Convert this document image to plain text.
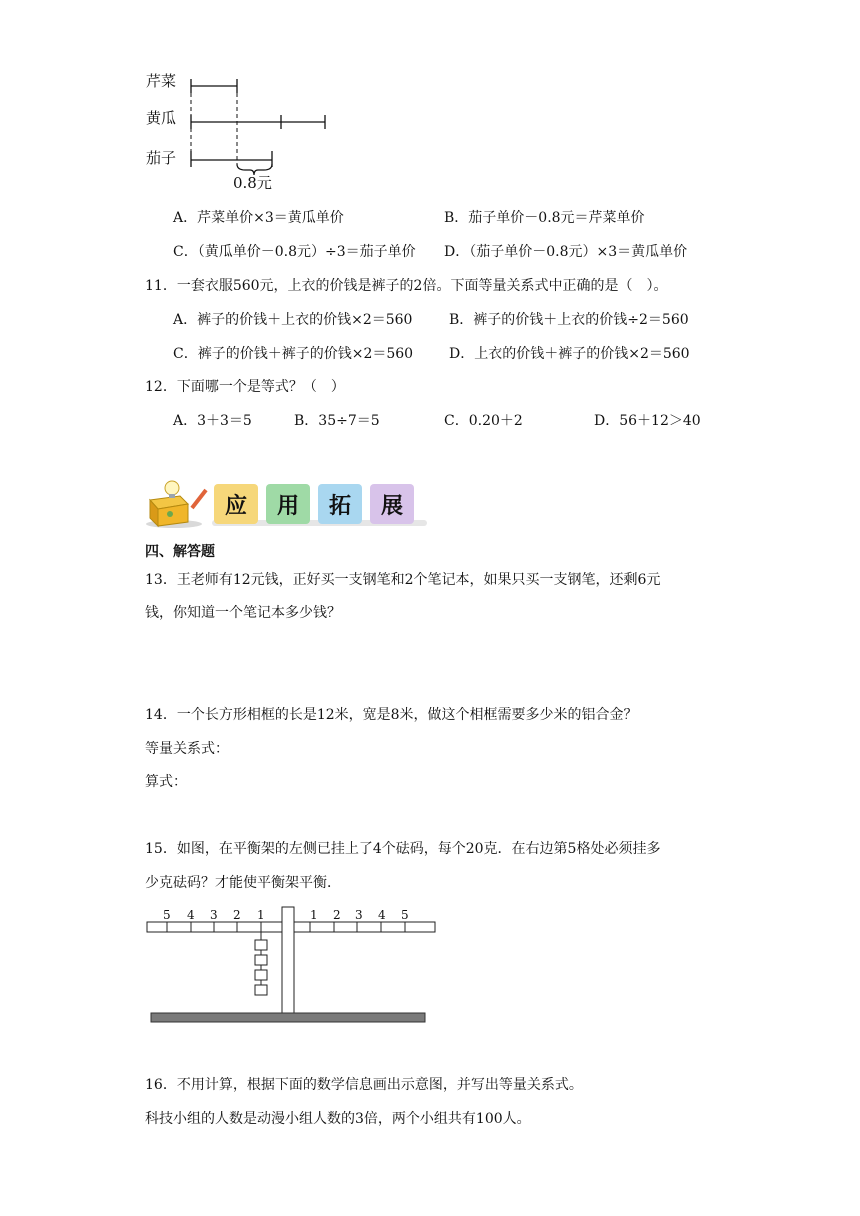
芹菜
黄瓜
茄子
0.8元
A．芹菜单价×3＝黄瓜单价	B．茄子单价－0.8元＝芹菜单价
C．（黄瓜单价－0.8元）÷3＝茄子单价 D．（茄子单价－0.8元）×3＝黄瓜单价
11．一套衣服560元，上衣的价钱是裤子的2倍。下面等量关系式中正确的是（　）。
A．裤子的价钱＋上衣的价钱×2＝560	B．裤子的价钱＋上衣的价钱÷2＝560
C．裤子的价钱＋裤子的价钱×2＝560	D．上衣的价钱＋裤子的价钱×2＝560
12．下面哪一个是等式？（　）
A．3＋3＝5	B．35÷7＝5	C．0.20＋2	D．56＋12＞40
应 用 拓 展
四、解答题
13．王老师有12元钱，正好买一支钢笔和2个笔记本，如果只买一支钢笔，还剩6元
钱，你知道一个笔记本多少钱？
14．一个长方形相框的长是12米，宽是8米，做这个相框需要多少米的铝合金？
等量关系式：
算式：
15．如图，在平衡架的左侧已挂上了4个砝码，每个20克．在右边第5格处必须挂多
少克砝码？才能使平衡架平衡．
5 4 3 2 1	1 2 3 4 5
16．不用计算，根据下面的数学信息画出示意图，并写出等量关系式。
科技小组的人数是动漫小组人数的3倍，两个小组共有100人。
